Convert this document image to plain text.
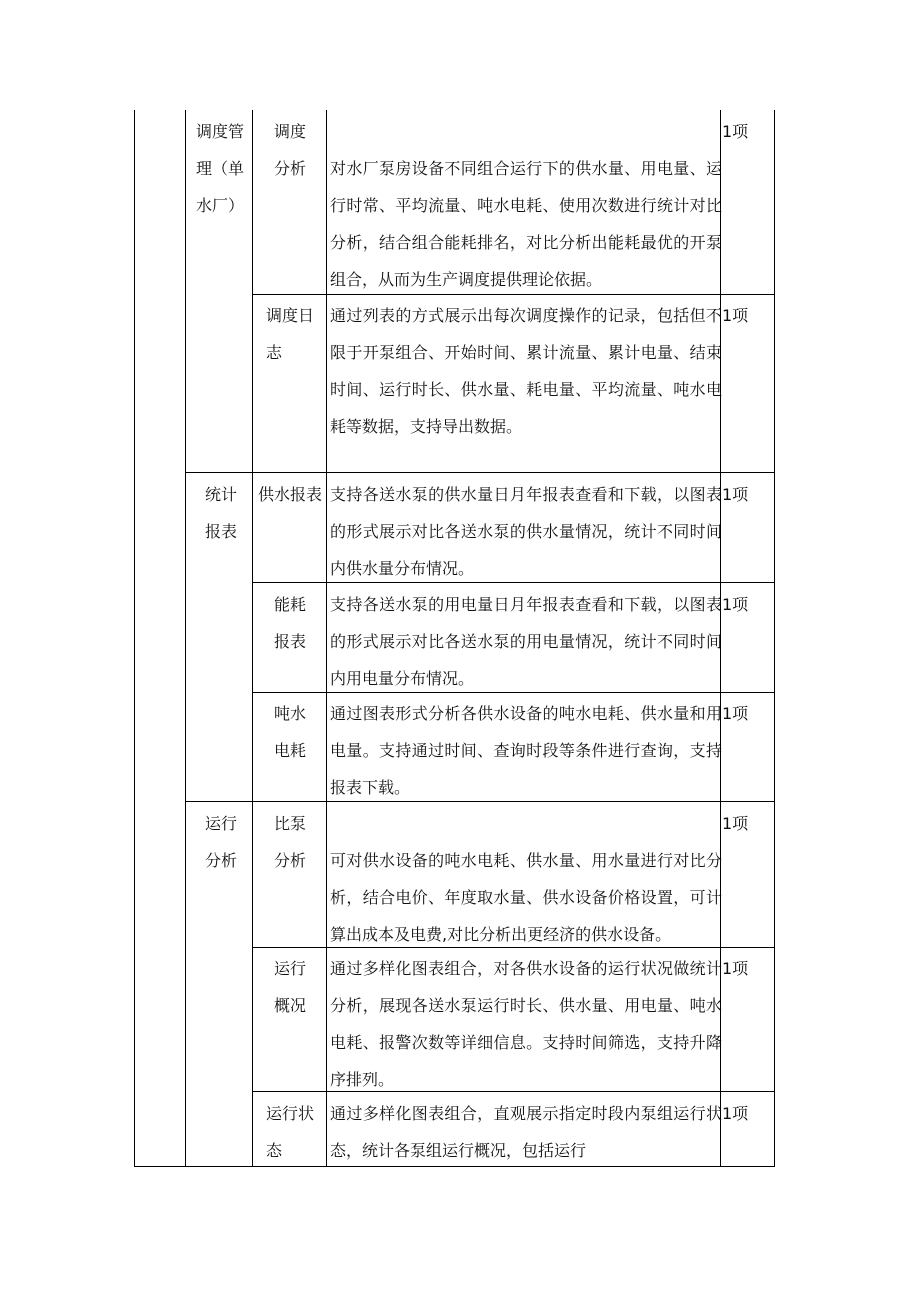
调度管理（单水厂）
调度
分析	对水厂泵房设备不同组合运行下的供水量、用电量、运行时常、平均流量、吨水电耗、使用次数进行统计对比分析，结合组合能耗排名，对比分析出能耗最优的开泵组合，从而为生产调度提供理论依据。
1项
调度日志
通过列表的方式展示出每次调度操作的记录，包括但不限于开泵组合、开始时间、累计流量、累计电量、结束时间、运行时长、供水量、耗电量、平均流量、吨水电耗等数据，支持导出数据。
1项
统计
报表
供水报表 支持各送水泵的供水量日月年报表查看和下载，以图表的形式展示对比各送水泵的供水量情况，统计不同时间内供水量分布情况。
1项
能耗
报表
支持各送水泵的用电量日月年报表查看和下载，以图表的形式展示对比各送水泵的用电量情况，统计不同时间内用电量分布情况。
1项
吨水
电耗
通过图表形式分析各供水设备的吨水电耗、供水量和用电量。支持通过时间、查询时段等条件进行查询，支持报表下载。
1项
运行
分析
比泵
分析	可对供水设备的吨水电耗、供水量、用水量进行对比分析，结合电价、年度取水量、供水设备价格设置，可计算出成本及电费,对比分析出更经济的供水设备。
1项
运行
概况
通过多样化图表组合，对各供水设备的运行状况做统计分析，展现各送水泵运行时长、供水量、用电量、吨水电耗、报警次数等详细信息。支持时间筛选，支持升降序排列。
1项
运行状态
通过多样化图表组合，直观展示指定时段内泵组运行状态，统计各泵组运行概况，包括运行
1项
